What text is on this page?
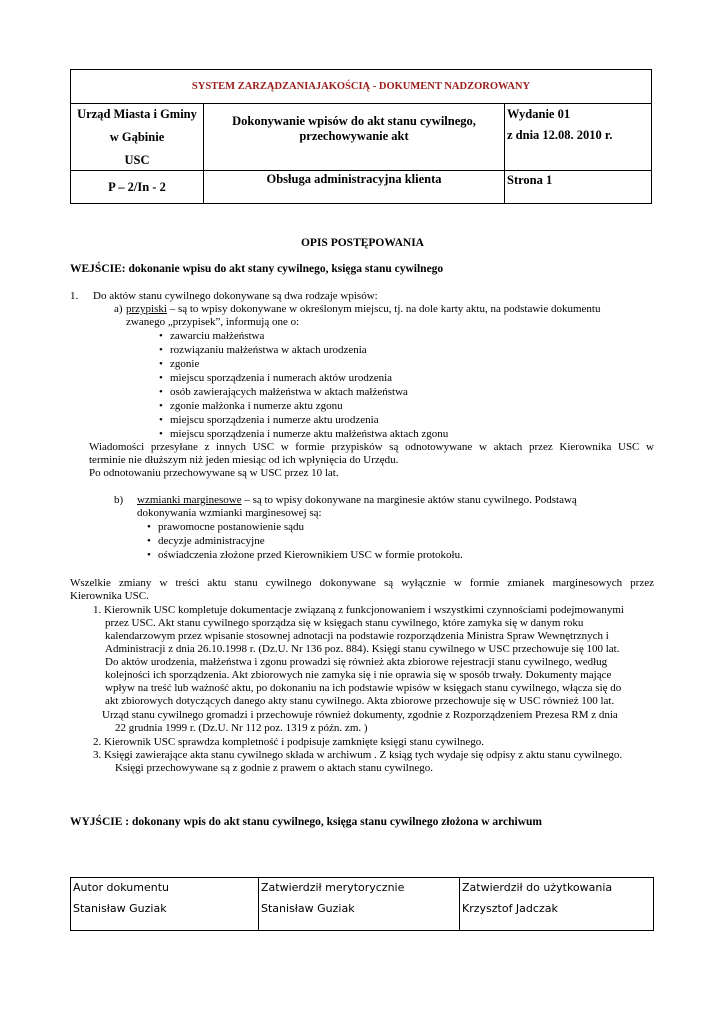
SYSTEM ZARZĄDZANIAJAKOŚCIĄ - DOKUMENT NADZOROWANY
Urząd Miasta i Gminy
w Gąbinie
USC
Dokonywanie wpisów do akt stanu cywilnego,
przechowywanie akt
Wydanie 01
z dnia 12.08. 2010 r.
P – 2/In - 2
Obsługa administracyjna klienta	Strona 1
OPIS POSTĘPOWANIA
WEJŚCIE: dokonanie wpisu do akt stany cywilnego, księga stanu cywilnego
1. Do aktów stanu cywilnego dokonywane są dwa rodzaje wpisów:
a) przypiski – są to wpisy dokonywane w określonym miejscu, tj. na dole karty aktu, na podstawie dokumentu
zwanego „przypisek”, informują one o:
• zawarciu małżeństwa
• rozwiązaniu małżeństwa w aktach urodzenia
• zgonie
• miejscu sporządzenia i numerach aktów urodzenia
• osób zawierających małżeństwa w aktach małżeństwa
• zgonie małżonka i numerze aktu zgonu
• miejscu sporządzenia i numerze aktu urodzenia
• miejscu sporządzenia i numerze aktu małżeństwa aktach zgonu
Wiadomości przesyłane z innych USC w formie przypisków są odnotowywane w aktach przez Kierownika USC w
terminie nie dłuższym niż jeden miesiąc od ich wpłynięcia do Urzędu.
Po odnotowaniu przechowywane są w USC przez 10 lat.
b) wzmianki marginesowe – są to wpisy dokonywane na marginesie aktów stanu cywilnego. Podstawą
dokonywania wzmianki marginesowej są:
• prawomocne postanowienie sądu
• decyzje administracyjne
• oświadczenia złożone przed Kierownikiem USC w formie protokołu.
Wszelkie zmiany w treści aktu stanu cywilnego dokonywane są wyłącznie w formie zmianek marginesowych przez
Kierownika USC.
1. Kierownik USC kompletuje dokumentacje związaną z funkcjonowaniem i wszystkimi czynnościami podejmowanymi
przez USC. Akt stanu cywilnego sporządza się w księgach stanu cywilnego, które zamyka się w danym roku
kalendarzowym przez wpisanie stosownej adnotacji na podstawie rozporządzenia Ministra Spraw Wewnętrznych i
Administracji z dnia 26.10.1998 r. (Dz.U. Nr 136 poz. 884). Księgi stanu cywilnego w USC przechowuje się 100 lat.
Do aktów urodzenia, małżeństwa i zgonu prowadzi się również akta zbiorowe rejestracji stanu cywilnego, według
kolejności ich sporządzenia. Akt zbiorowych nie zamyka się i nie oprawia się w sposób trwały. Dokumenty mające
wpływ na treść lub ważność aktu, po dokonaniu na ich podstawie wpisów w księgach stanu cywilnego, włącza się do
akt zbiorowych dotyczących danego akty stanu cywilnego. Akta zbiorowe przechowuje się w USC również 100 lat.
Urząd stanu cywilnego gromadzi i przechowuje również dokumenty, zgodnie z Rozporządzeniem Prezesa RM z dnia
22 grudnia 1999 r. (Dz.U. Nr 112 poz. 1319 z późn. zm. )
2. Kierownik USC sprawdza kompletność i podpisuje zamknięte księgi stanu cywilnego.
3. Księgi zawierające akta stanu cywilnego składa w archiwum . Z ksiąg tych wydaje się odpisy z aktu stanu cywilnego.
Księgi przechowywane są z godnie z prawem o aktach stanu cywilnego.
WYJŚCIE : dokonany wpis do akt stanu cywilnego, księga stanu cywilnego złożona w archiwum
Autor dokumentu
Stanisław Guziak
Zatwierdził merytorycznie
Stanisław Guziak
Zatwierdził do użytkowania
Krzysztof Jadczak
